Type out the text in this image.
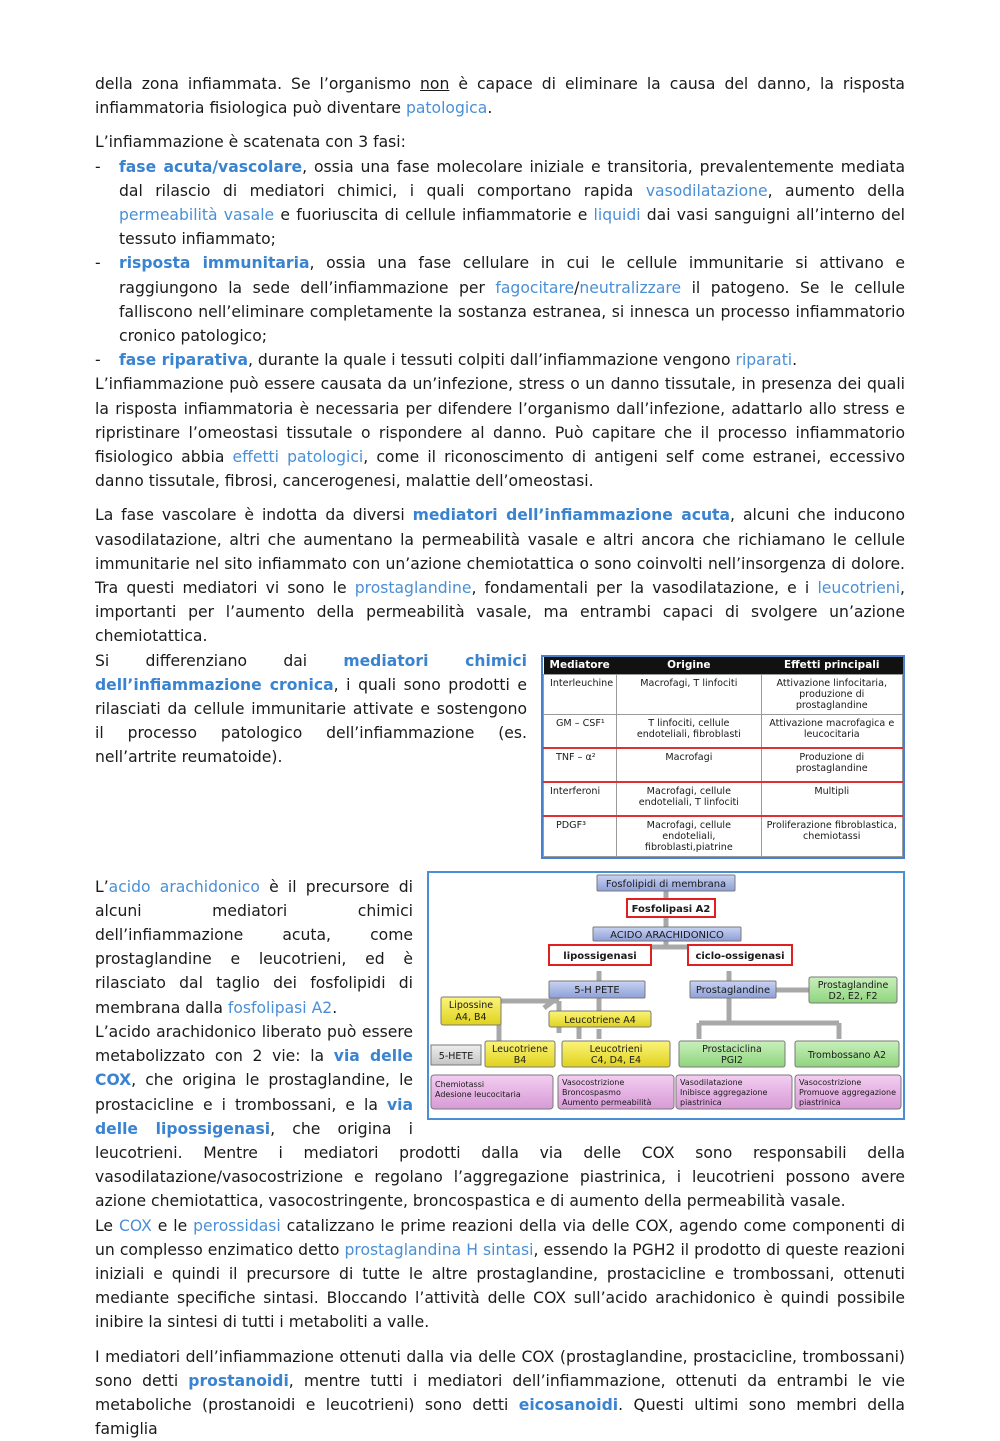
della zona infiammata. Se l’organismo non è capace di eliminare la causa del danno, la risposta infiammatoria fisiologica può diventare patologica.

L’infiammazione è scatenata con 3 fasi:

- fase acuta/vascolare, ossia una fase molecolare iniziale e transitoria, prevalentemente mediata dal rilascio di mediatori chimici, i quali comportano rapida vasodilatazione, aumento della permeabilità vasale e fuoriuscita di cellule infiammatorie e liquidi dai vasi sanguigni all’interno del tessuto infiammato;
- risposta immunitaria, ossia una fase cellulare in cui le cellule immunitarie si attivano e raggiungono la sede dell’infiammazione per fagocitare/neutralizzare il patogeno. Se le cellule falliscono nell’eliminare completamente la sostanza estranea, si innesca un processo infiammatorio cronico patologico;
- fase riparativa, durante la quale i tessuti colpiti dall’infiammazione vengono riparati.

L’infiammazione può essere causata da un’infezione, stress o un danno tissutale, in presenza dei quali la risposta infiammatoria è necessaria per difendere l’organismo dall’infezione, adattarlo allo stress e ripristinare l’omeostasi tissutale o rispondere al danno. Può capitare che il processo infiammatorio fisiologico abbia effetti patologici, come il riconoscimento di antigeni self come estranei, eccessivo danno tissutale, fibrosi, cancerogenesi, malattie dell’omeostasi.

La fase vascolare è indotta da diversi mediatori dell’infiammazione acuta, alcuni che inducono vasodilatazione, altri che aumentano la permeabilità vasale e altri ancora che richiamano le cellule immunitarie nel sito infiammato con un’azione chemiotattica o sono coinvolti nell’insorgenza di dolore. Tra questi mediatori vi sono le prostaglandine, fondamentali per la vasodilatazione, e i leucotrieni, importanti per l’aumento della permeabilità vasale, ma entrambi capaci di svolgere un’azione chemiotattica.

Mediatore	Origine	Effetti principali
Interleuchine	Macrofagi, T linfociti	Attivazione linfocitaria, produzione di prostaglandine
GM – CSF¹	T linfociti, cellule endoteliali, fibroblasti	Attivazione macrofagica e leucocitaria
TNF – α²	Macrofagi	Produzione di prostaglandine
Interferoni	Macrofagi, cellule endoteliali, T linfociti	Multipli
PDGF³	Macrofagi, cellule endoteliali, fibroblasti,piatrine	Proliferazione fibroblastica, chemiotassi

Si differenziano dai mediatori chimici dell’infiammazione cronica, i quali sono prodotti e rilasciati da cellule immunitarie attivate e sostengono il processo patologico dell’infiammazione (es. nell’artrite reumatoide).

Fosfolipidi di membrana
Fosfolipasi A2
ACIDO ARACHIDONICO
lipossigenasi	ciclo-ossigenasi
5-H PETE	Prostaglandine	Prostaglandine
D2, E2, F2
Lipossine
A4, B4	Leucotriene A4
5-HETE
Leucotriene
B4
Leucotrieni
C4, D4, E4
Prostaciclina
PGI2	Trombossano A2
Chemiotassi
Adesione leucocitaria
Vasocostrizione
Broncospasmo
Aumento permeabilità
Vasodilatazione
Inibisce aggregazione
piastrinica
Vasocostrizione
Promuove aggregazione
piastrinica

L’acido arachidonico è il precursore di alcuni mediatori chimici dell’infiammazione acuta, come prostaglandine e leucotrieni, ed è rilasciato dal taglio dei fosfolipidi di membrana dalla fosfolipasi A2.

L’acido arachidonico liberato può essere metabolizzato con 2 vie: la via delle COX, che origina le prostaglandine, le prostacicline e i trombossani, e la via delle lipossigenasi, che origina i leucotrieni. Mentre i mediatori prodotti dalla via delle COX sono responsabili della vasodilatazione/vasocostrizione e regolano l’aggregazione piastrinica, i leucotrieni possono avere azione chemiotattica, vasocostringente, broncospastica e di aumento della permeabilità vasale.

Le COX e le perossidasi catalizzano le prime reazioni della via delle COX, agendo come componenti di un complesso enzimatico detto prostaglandina H sintasi, essendo la PGH2 il prodotto di queste reazioni iniziali e quindi il precursore di tutte le altre prostaglandine, prostacicline e trombossani, ottenuti mediante specifiche sintasi. Bloccando l’attività delle COX sull’acido arachidonico è quindi possibile inibire la sintesi di tutti i metaboliti a valle.

I mediatori dell’infiammazione ottenuti dalla via delle COX (prostaglandine, prostacicline, trombossani) sono detti prostanoidi, mentre tutti i mediatori dell’infiammazione, ottenuti da entrambi le vie metaboliche (prostanoidi e leucotrieni) sono detti eicosanoidi. Questi ultimi sono membri della famiglia
